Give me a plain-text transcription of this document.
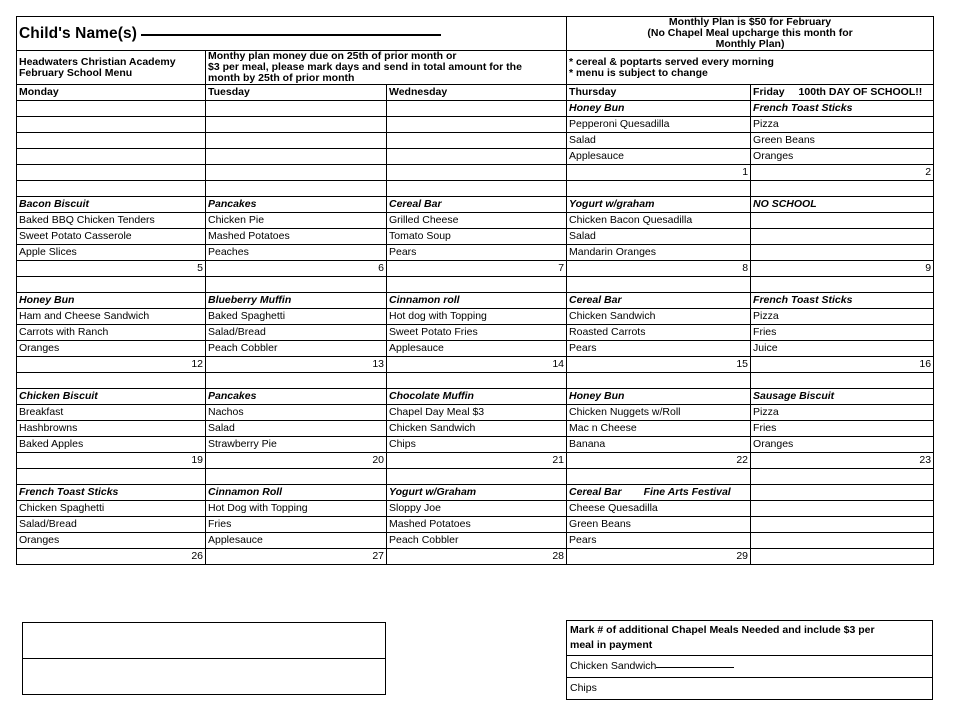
Child's Name(s)			Monthly Plan is $50 for February
(No Chapel Meal upcharge this month for
Monthly Plan)	

Headwaters Christian Academy
February School Menu

Monthy plan money due on 25th of prior month or
$3 per meal, please mark days and send in total amount for the
month by 25th of prior month

* cereal & poptarts served every morning
* menu is subject to change

Monday	Tuesday	Wednesday	Thursday	Friday 100th DAY OF SCHOOL!!
			Honey Bun	French Toast Sticks
			Pepperoni Quesadilla	Pizza
			Salad	Green Beans
			Applesauce	Oranges
			1	2

Bacon Biscuit	Pancakes	Cereal Bar	Yogurt w/graham	NO SCHOOL
Baked BBQ Chicken Tenders	Chicken Pie	Grilled Cheese	Chicken Bacon Quesadilla	
Sweet Potato Casserole	Mashed Potatoes	Tomato Soup	Salad	
Apple Slices	Peaches	Pears	Mandarin Oranges	
5	6	7	8	9

Honey Bun	Blueberry Muffin	Cinnamon roll	Cereal Bar	French Toast Sticks
Ham and Cheese Sandwich	Baked Spaghetti	Hot dog with Topping	Chicken Sandwich	Pizza
Carrots with Ranch	Salad/Bread	Sweet Potato Fries	Roasted Carrots	Fries
Oranges	Peach Cobbler	Applesauce	Pears	Juice
12	13	14	15	16

Chicken Biscuit	Pancakes	Chocolate Muffin	Honey Bun	Sausage Biscuit
Breakfast	Nachos	Chapel Day Meal $3	Chicken Nuggets w/Roll	Pizza
Hashbrowns	Salad	Chicken Sandwich	Mac n Cheese	Fries
Baked Apples	Strawberry Pie	Chips	Banana	Oranges
19	20	21	22	23

French Toast Sticks	Cinnamon Roll	Yogurt w/Graham	Cereal Bar Fine Arts Festival	
Chicken Spaghetti	Hot Dog with Topping	Sloppy Joe	Cheese Quesadilla	
Salad/Bread	Fries	Mashed Potatoes	Green Beans	
Oranges	Applesauce	Peach Cobbler	Pears	
26	27	28	29	

Mark # of additional Chapel Meals Needed and include $3 per
meal in payment

Chicken Sandwich
Chips
